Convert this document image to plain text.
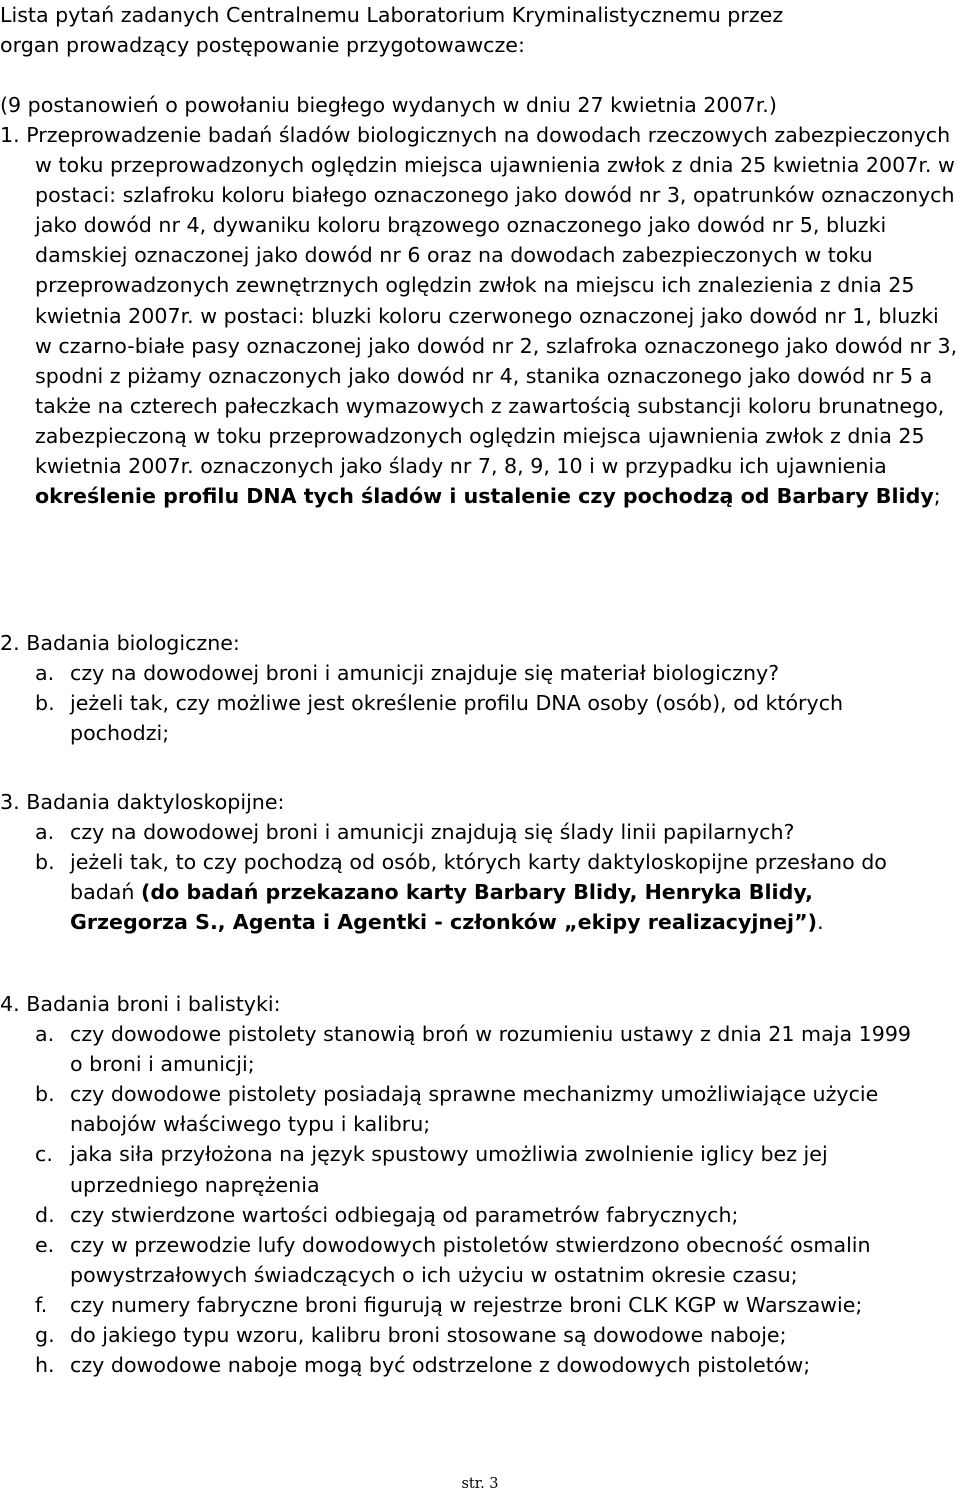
Lista pytań zadanych Centralnemu Laboratorium Kryminalistycznemu przez

organ prowadzący postępowanie przygotowawcze:

(9 postanowień o powołaniu biegłego wydanych w dniu 27 kwietnia 2007r.)

1. Przeprowadzenie badań śladów biologicznych na dowodach rzeczowych zabezpieczonych w toku przeprowadzonych oględzin miejsca ujawnienia zwłok z dnia 25 kwietnia 2007r. w postaci: szlafroku koloru białego oznaczonego jako dowód nr 3, opatrunków oznaczonych jako dowód nr 4, dywaniku koloru brązowego oznaczonego jako dowód nr 5, bluzki damskiej oznaczonej jako dowód nr 6 oraz na dowodach zabezpieczonych w toku przeprowadzonych zewnętrznych oględzin zwłok na miejscu ich znalezienia z dnia 25 kwietnia 2007r. w postaci: bluzki koloru czerwonego oznaczonej jako dowód nr 1, bluzki w czarno-białe pasy oznaczonej jako dowód nr 2, szlafroka oznaczonego jako dowód nr 3, spodni z piżamy oznaczonych jako dowód nr 4, stanika oznaczonego jako dowód nr 5 a także na czterech pałeczkach wymazowych z zawartością substancji koloru brunatnego, zabezpieczoną w toku przeprowadzonych oględzin miejsca ujawnienia zwłok z dnia 25 kwietnia 2007r. oznaczonych jako ślady nr 7, 8, 9, 10 i w przypadku ich ujawnienia określenie profilu DNA tych śladów i ustalenie czy pochodzą od Barbary Blidy;

2. Badania biologiczne:

a. czy na dowodowej broni i amunicji znajduje się materiał biologiczny?
b. jeżeli tak, czy możliwe jest określenie profilu DNA osoby (osób), od których pochodzi;

3. Badania daktyloskopijne:

a. czy na dowodowej broni i amunicji znajdują się ślady linii papilarnych?
b. jeżeli tak, to czy pochodzą od osób, których karty daktyloskopijne przesłano do badań (do badań przekazano karty Barbary Blidy, Henryka Blidy, Grzegorza S., Agenta i Agentki - członków „ekipy realizacyjnej”).

4. Badania broni i balistyki:

a. czy dowodowe pistolety stanowią broń w rozumieniu ustawy z dnia 21 maja 1999 o broni i amunicji;
b. czy dowodowe pistolety posiadają sprawne mechanizmy umożliwiające użycie nabojów właściwego typu i kalibru;
c. jaka siła przyłożona na język spustowy umożliwia zwolnienie iglicy bez jej uprzedniego naprężenia
d. czy stwierdzone wartości odbiegają od parametrów fabrycznych;
e. czy w przewodzie lufy dowodowych pistoletów stwierdzono obecność osmalin powystrzałowych świadczących o ich użyciu w ostatnim okresie czasu;
f.	czy numery fabryczne broni figurują w rejestrze broni CLK KGP w Warszawie;
g. do jakiego typu wzoru, kalibru broni stosowane są dowodowe naboje;
h. czy dowodowe naboje mogą być odstrzelone z dowodowych pistoletów;
str. 3
